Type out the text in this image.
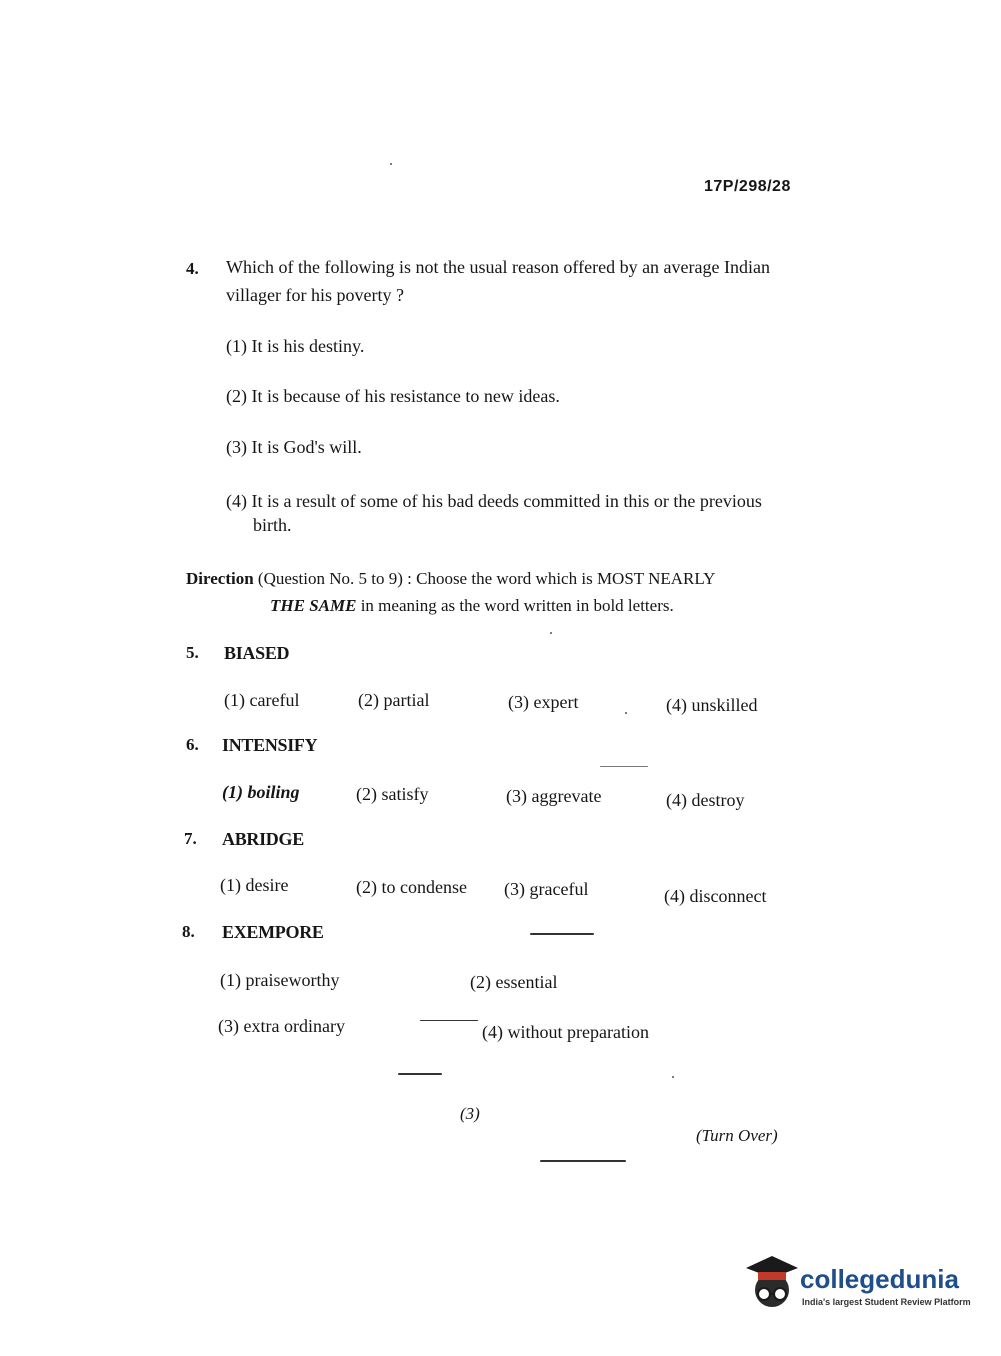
17P/298/28
4. Which of the following is not the usual reason offered by an average Indian villager for his poverty ?
(1) It is his destiny.
(2) It is because of his resistance to new ideas.
(3) It is God's will.
(4) It is a result of some of his bad deeds committed in this or the previous
birth.
Direction (Question No. 5 to 9) : Choose the word which is MOST NEARLY
THE SAME in meaning as the word written in bold letters.
5. BIASED
(1) careful	(2) partial	(3) expert	(4) unskilled
6. INTENSIFY
(1) boiling	(2) satisfy	(3) aggrevate	(4) destroy
7. ABRIDGE
(1) desire	(2) to condense (3) graceful	(4) disconnect
8. EXEMPORE
(1) praiseworthy	(2) essential
(3) extra ordinary	(4) without preparation
(3)
(Turn Over)
collegedunia
India's largest Student Review Platform
